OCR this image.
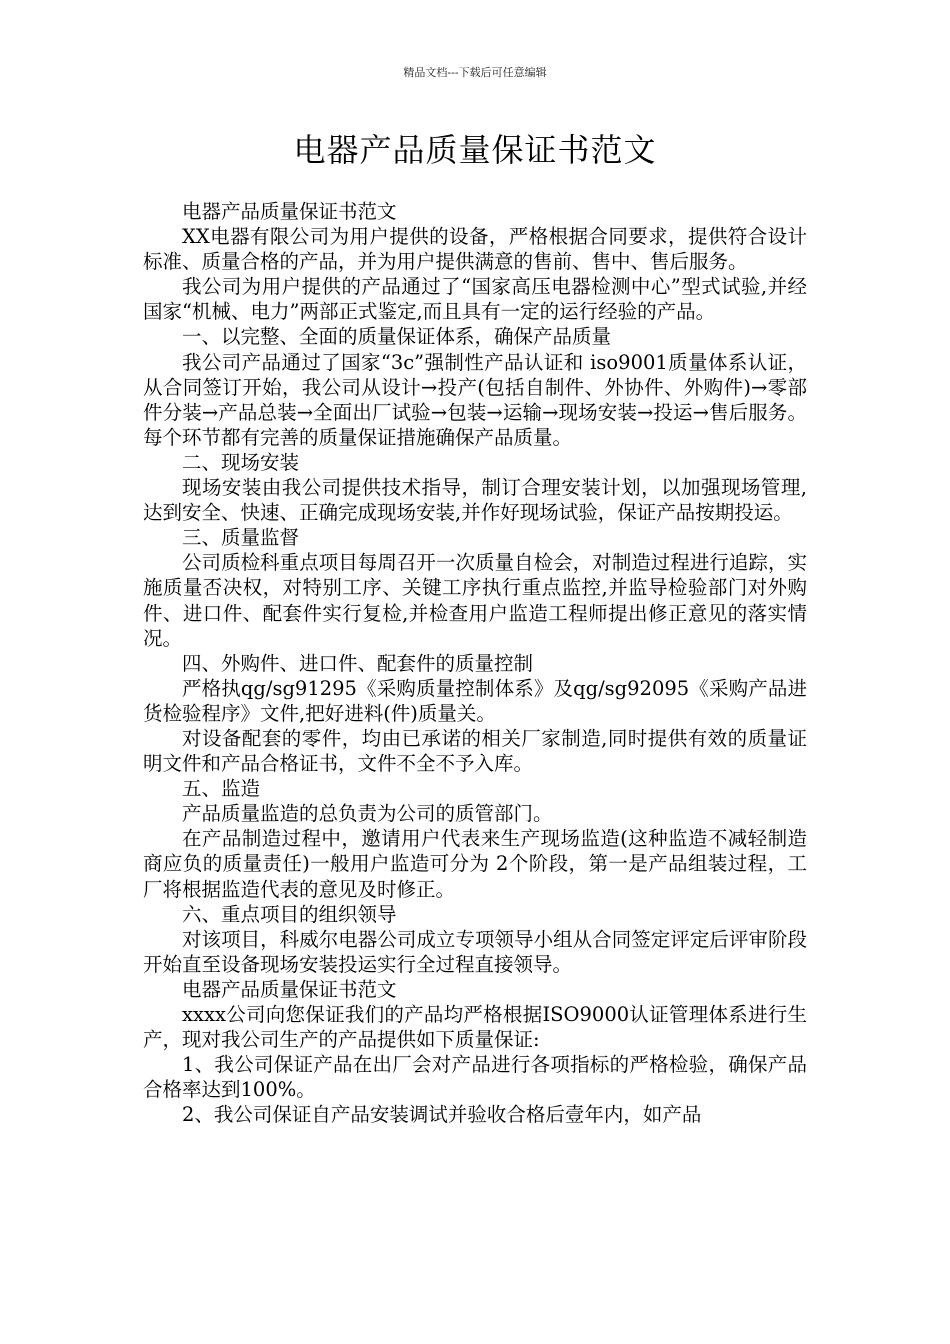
精品文档---下载后可任意编辑
电器产品质量保证书范文

电器产品质量保证书范文

XX电器有限公司为用户提供的设备，严格根据合同要求，提供符合设计标准、质量合格的产品，并为用户提供满意的售前、售中、售后服务。

我公司为用户提供的产品通过了“国家高压电器检测中心”型式试验,并经国家“机械、电力”两部正式鉴定,而且具有一定的运行经验的产品。

一、以完整、全面的质量保证体系，确保产品质量

我公司产品通过了国家“3c”强制性产品认证和 iso9001质量体系认证，从合同签订开始，我公司从设计→投产(包括自制件、外协件、外购件)→零部件分装→产品总装→全面出厂试验→包装→运输→现场安装→投运→售后服务。每个环节都有完善的质量保证措施确保产品质量。

二、现场安装

现场安装由我公司提供技术指导，制订合理安装计划，以加强现场管理,达到安全、快速、正确完成现场安装,并作好现场试验，保证产品按期投运。

三、质量监督

公司质检科重点项目每周召开一次质量自检会，对制造过程进行追踪，实施质量否决权，对特别工序、关键工序执行重点监控,并监导检验部门对外购件、进口件、配套件实行复检,并检查用户监造工程师提出修正意见的落实情况。

四、外购件、进口件、配套件的质量控制

严格执qg/sg91295《采购质量控制体系》及qg/sg92095《采购产品进货检验程序》文件,把好进料(件)质量关。

对设备配套的零件，均由已承诺的相关厂家制造,同时提供有效的质量证明文件和产品合格证书，文件不全不予入库。

五、监造

产品质量监造的总负责为公司的质管部门。

在产品制造过程中，邀请用户代表来生产现场监造(这种监造不减轻制造商应负的质量责任)一般用户监造可分为 2个阶段，第一是产品组装过程，工厂将根据监造代表的意见及时修正。

六、重点项目的组织领导

对该项目，科威尔电器公司成立专项领导小组从合同签定评定后评审阶段开始直至设备现场安装投运实行全过程直接领导。

电器产品质量保证书范文

xxxx公司向您保证我们的产品均严格根据ISO9000认证管理体系进行生产，现对我公司生产的产品提供如下质量保证:

1、我公司保证产品在出厂会对产品进行各项指标的严格检验，确保产品合格率达到100%。

2、我公司保证自产品安装调试并验收合格后壹年内，如产品
